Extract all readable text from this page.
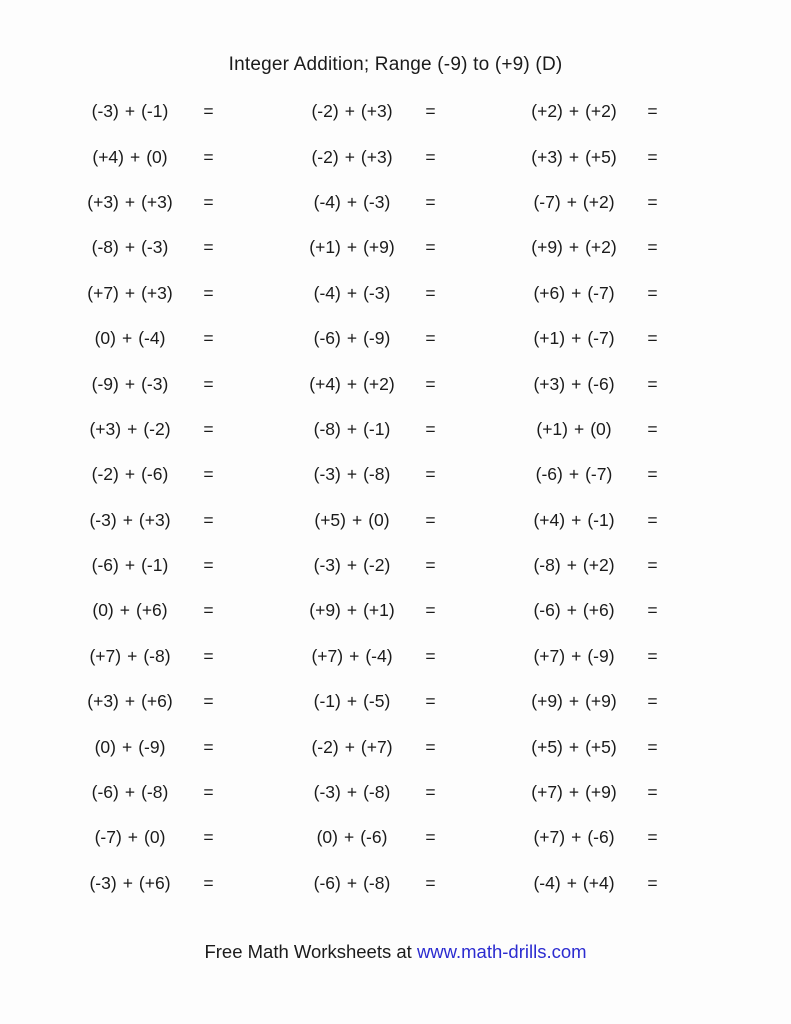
Integer Addition; Range (-9) to (+9) (D)
(-3) + (-1)	=	(-2) + (+3)	=	(+2) + (+2)	=
(+4) + (0)	=	(-2) + (+3)	=	(+3) + (+5)	=
(+3) + (+3)	=	(-4) + (-3)	=	(-7) + (+2)	=
(-8) + (-3)	=	(+1) + (+9)	=	(+9) + (+2)	=
(+7) + (+3)	=	(-4) + (-3)	=	(+6) + (-7)	=
(0) + (-4)	=	(-6) + (-9)	=	(+1) + (-7)	=
(-9) + (-3)	=	(+4) + (+2)	=	(+3) + (-6)	=
(+3) + (-2)	=	(-8) + (-1)	=	(+1) + (0)	=
(-2) + (-6)	=	(-3) + (-8)	=	(-6) + (-7)	=
(-3) + (+3)	=	(+5) + (0)	=	(+4) + (-1)	=
(-6) + (-1)	=	(-3) + (-2)	=	(-8) + (+2)	=
(0) + (+6)	=	(+9) + (+1)	=	(-6) + (+6)	=
(+7) + (-8)	=	(+7) + (-4)	=	(+7) + (-9)	=
(+3) + (+6)	=	(-1) + (-5)	=	(+9) + (+9)	=
(0) + (-9)	=	(-2) + (+7)	=	(+5) + (+5)	=
(-6) + (-8)	=	(-3) + (-8)	=	(+7) + (+9)	=
(-7) + (0)	=	(0) + (-6)	=	(+7) + (-6)	=
(-3) + (+6)	=	(-6) + (-8)	=	(-4) + (+4)	=
Free Math Worksheets at www.math-drills.com
